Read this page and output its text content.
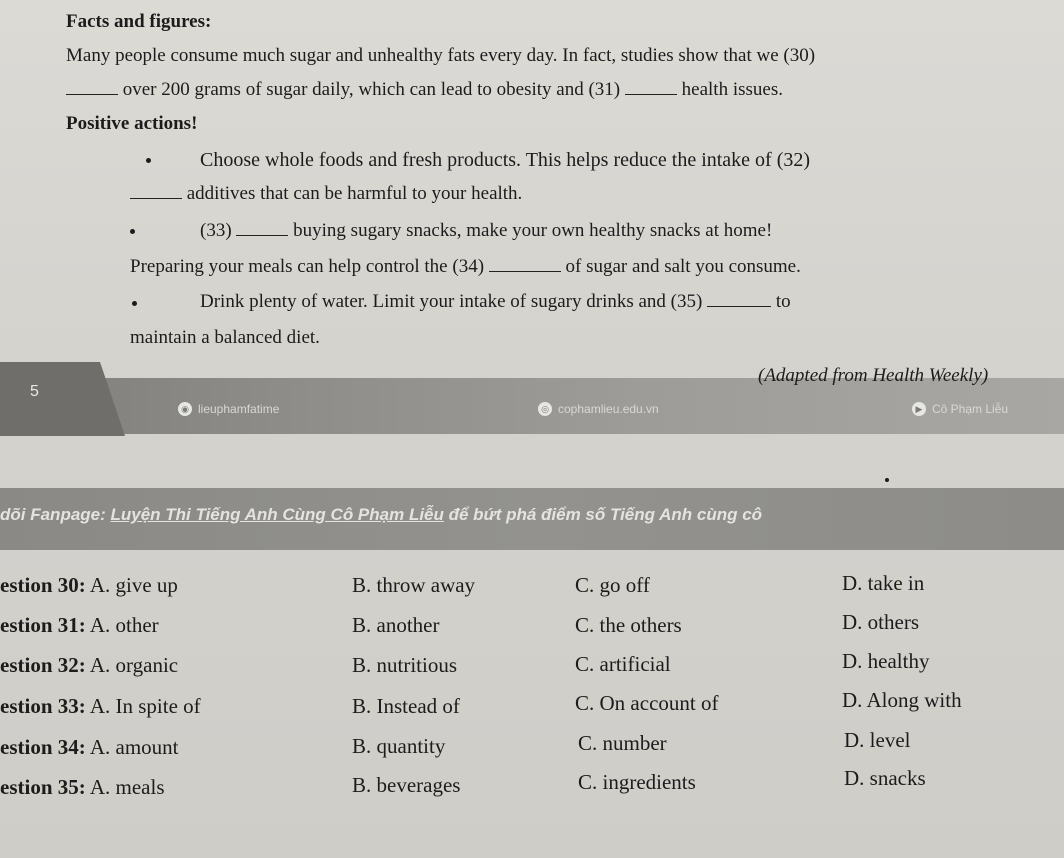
Facts and figures:
Many people consume much sugar and unhealthy fats every day. In fact, studies show that we (30)
over 200 grams of sugar daily, which can lead to obesity and (31)	health issues.
Positive actions!
Choose whole foods and fresh products. This helps reduce the intake of (32)
additives that can be harmful to your health.
(33)	buying sugary snacks, make your own healthy snacks at home!
Preparing your meals can help control the (34)	of sugar and salt you consume.
Drink plenty of water. Limit your intake of sugary drinks and (35)	to
maintain a balanced diet.
(Adapted from Health Weekly)
5
◉ lieuphamfatime	◎ cophamlieu.edu.vn	▶ Cô Phạm Liễu
dõi Fanpage: Luyện Thi Tiếng Anh Cùng Cô Phạm Liễu để bứt phá điểm số Tiếng Anh cùng cô
estion 30: A. give up	B. throw away	C. go off	D. take in
estion 31: A. other	B. another	C. the others	D. others
estion 32: A. organic	B. nutritious	C. artificial	D. healthy
estion 33: A. In spite of	B. Instead of	C. On account of	D. Along with
estion 34: A. amount	B. quantity	C. number	D. level
estion 35: A. meals	B. beverages	C. ingredients	D. snacks
